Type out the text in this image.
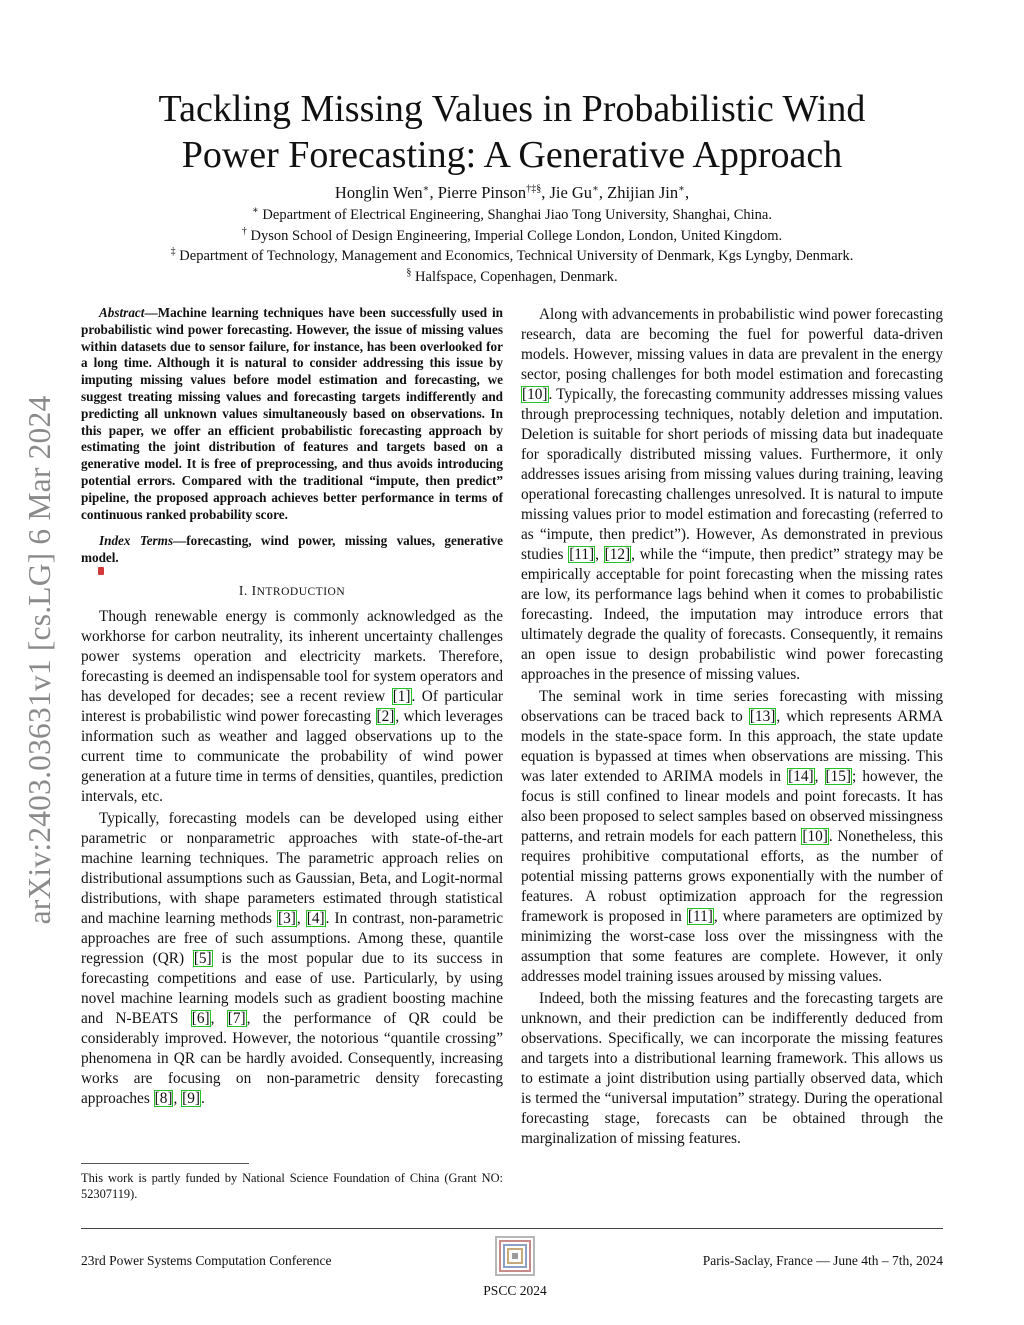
arXiv:2403.03631v1 [cs.LG] 6 Mar 2024
Tackling Missing Values in Probabilistic Wind
Power Forecasting: A Generative Approach
Honglin Wen∗, Pierre Pinson†‡§, Jie Gu∗, Zhijian Jin∗,
∗ Department of Electrical Engineering, Shanghai Jiao Tong University, Shanghai, China.
† Dyson School of Design Engineering, Imperial College London, London, United Kingdom.
‡ Department of Technology, Management and Economics, Technical University of Denmark, Kgs Lyngby, Denmark.
§ Halfspace, Copenhagen, Denmark.

Abstract—Machine learning techniques have been successfully used in probabilistic wind power forecasting. However, the issue of missing values within datasets due to sensor failure, for instance, has been overlooked for a long time. Although it is natural to consider addressing this issue by imputing missing values before model estimation and forecasting, we suggest treating missing values and forecasting targets indifferently and predicting all unknown values simultaneously based on observations. In this paper, we offer an efficient probabilistic forecasting approach by estimating the joint distribution of features and targets based on a generative model. It is free of preprocessing, and thus avoids introducing potential errors. Compared with the traditional “impute, then predict” pipeline, the proposed approach achieves better performance in terms of continuous ranked probability score.

Index Terms—forecasting, wind power, missing values, generative model.

I. INTRODUCTION

Though renewable energy is commonly acknowledged as the workhorse for carbon neutrality, its inherent uncertainty challenges power systems operation and electricity markets. Therefore, forecasting is deemed an indispensable tool for system operators and has developed for decades; see a recent review [1]. Of particular interest is probabilistic wind power forecasting [2], which leverages information such as weather and lagged observations up to the current time to communicate the probability of wind power generation at a future time in terms of densities, quantiles, prediction intervals, etc.

Typically, forecasting models can be developed using either parametric or nonparametric approaches with state-of-the-art machine learning techniques. The parametric approach relies on distributional assumptions such as Gaussian, Beta, and Logit-normal distributions, with shape parameters estimated through statistical and machine learning methods [3], [4]. In contrast, non-parametric approaches are free of such assumptions. Among these, quantile regression (QR) [5] is the most popular due to its success in forecasting competitions and ease of use. Particularly, by using novel machine learning models such as gradient boosting machine and N-BEATS [6], [7], the performance of QR could be considerably improved. However, the notorious “quantile crossing” phenomena in QR can be hardly avoided. Consequently, increasing works are focusing on non-parametric density forecasting approaches [8], [9].

Along with advancements in probabilistic wind power forecasting research, data are becoming the fuel for powerful data-driven models. However, missing values in data are prevalent in the energy sector, posing challenges for both model estimation and forecasting [10]. Typically, the forecasting community addresses missing values through preprocessing techniques, notably deletion and imputation. Deletion is suitable for short periods of missing data but inadequate for sporadically distributed missing values. Furthermore, it only addresses issues arising from missing values during training, leaving operational forecasting challenges unresolved. It is natural to impute missing values prior to model estimation and forecasting (referred to as “impute, then predict”). However, As demonstrated in previous studies [11], [12], while the “impute, then predict” strategy may be empirically acceptable for point forecasting when the missing rates are low, its performance lags behind when it comes to probabilistic forecasting. Indeed, the imputation may introduce errors that ultimately degrade the quality of forecasts. Consequently, it remains an open issue to design probabilistic wind power forecasting approaches in the presence of missing values.

The seminal work in time series forecasting with missing observations can be traced back to [13], which represents ARMA models in the state-space form. In this approach, the state update equation is bypassed at times when observations are missing. This was later extended to ARIMA models in [14], [15]; however, the focus is still confined to linear models and point forecasts. It has also been proposed to select samples based on observed missingness patterns, and retrain models for each pattern [10]. Nonetheless, this requires prohibitive computational efforts, as the number of potential missing patterns grows exponentially with the number of features. A robust optimization approach for the regression framework is proposed in [11], where parameters are optimized by minimizing the worst-case loss over the missingness with the assumption that some features are complete. However, it only addresses model training issues aroused by missing values.

Indeed, both the missing features and the forecasting targets are unknown, and their prediction can be indifferently deduced from observations. Specifically, we can incorporate the missing features and targets into a distributional learning framework. This allows us to estimate a joint distribution using partially observed data, which is termed the “universal imputation” strategy. During the operational forecasting stage, forecasts can be obtained through the marginalization of missing features.

This work is partly funded by National Science Foundation of China (Grant NO: 52307119).
23rd Power Systems Computation Conference
PSCC 2024
Paris-Saclay, France — June 4th – 7th, 2024
